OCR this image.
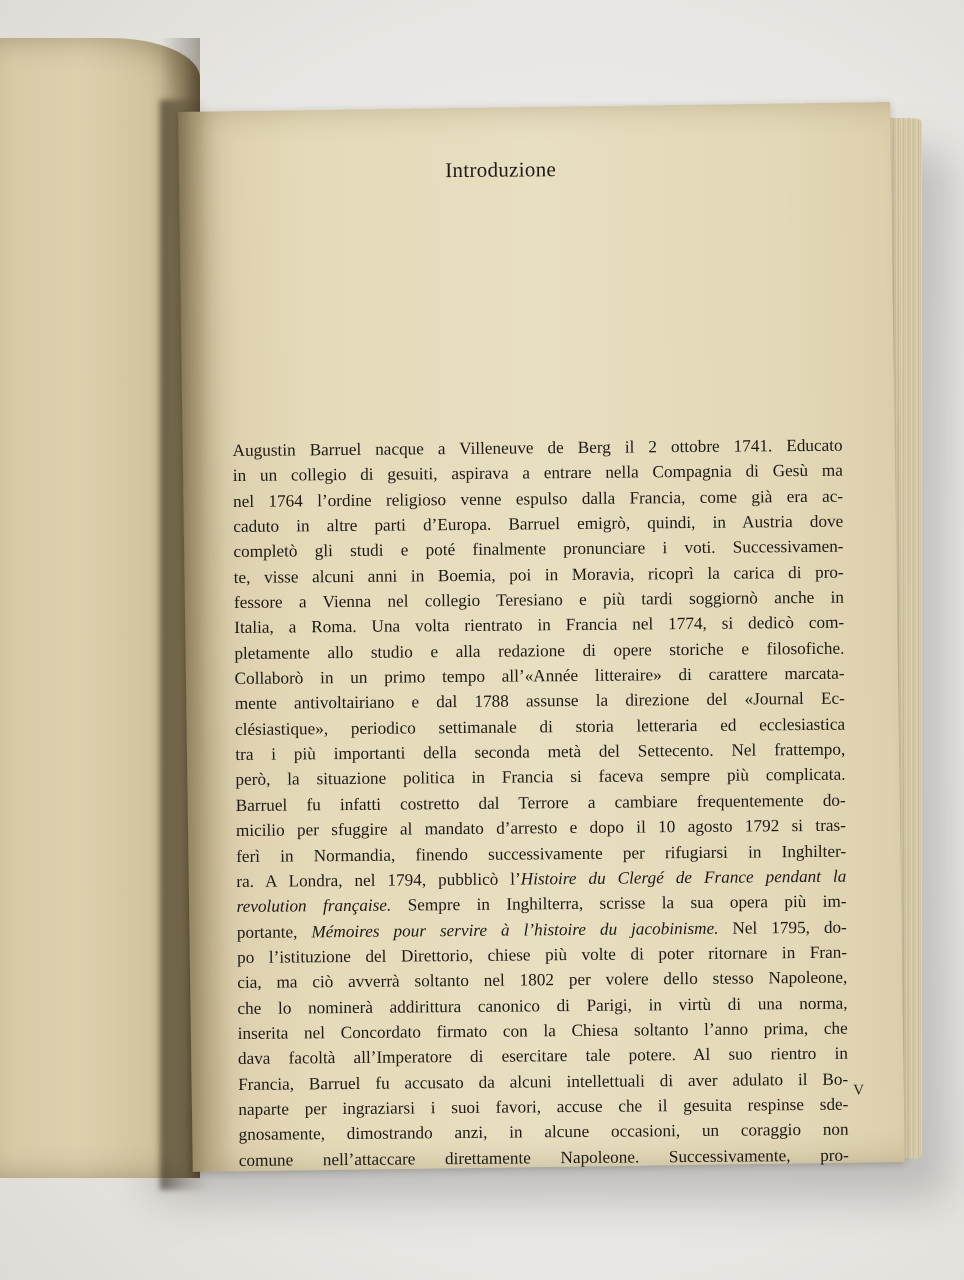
Introduzione
Augustin Barruel nacque a Villeneuve de Berg il 2 ottobre 1741. Educato
in un collegio di gesuiti, aspirava a entrare nella Compagnia di Gesù ma
nel 1764 l’ordine religioso venne espulso dalla Francia, come già era ac-
caduto in altre parti d’Europa. Barruel emigrò, quindi, in Austria dove
completò gli studi e poté finalmente pronunciare i voti. Successivamen-
te, visse alcuni anni in Boemia, poi in Moravia, ricoprì la carica di pro-
fessore a Vienna nel collegio Teresiano e più tardi soggiornò anche in
Italia, a Roma. Una volta rientrato in Francia nel 1774, si dedicò com-
pletamente allo studio e alla redazione di opere storiche e filosofiche.
Collaborò in un primo tempo all’«Année litteraire» di carattere marcata-
mente antivoltairiano e dal 1788 assunse la direzione del «Journal Ec-
clésiastique», periodico settimanale di storia letteraria ed ecclesiastica
tra i più importanti della seconda metà del Settecento. Nel frattempo,
però, la situazione politica in Francia si faceva sempre più complicata.
Barruel fu infatti costretto dal Terrore a cambiare frequentemente do-
micilio per sfuggire al mandato d’arresto e dopo il 10 agosto 1792 si tras-
ferì in Normandia, finendo successivamente per rifugiarsi in Inghilter-
ra. A Londra, nel 1794, pubblicò l’Histoire du Clergé de France pendant la
revolution française. Sempre in Inghilterra, scrisse la sua opera più im-
portante, Mémoires pour servire à l’histoire du jacobinisme. Nel 1795, do-
po l’istituzione del Direttorio, chiese più volte di poter ritornare in Fran-
cia, ma ciò avverrà soltanto nel 1802 per volere dello stesso Napoleone,
che lo nominerà addirittura canonico di Parigi, in virtù di una norma,
inserita nel Concordato firmato con la Chiesa soltanto l’anno prima, che
dava facoltà all’Imperatore di esercitare tale potere. Al suo rientro in
Francia, Barruel fu accusato da alcuni intellettuali di aver adulato il Bo-
naparte per ingraziarsi i suoi favori, accuse che il gesuita respinse sde-
gnosamente, dimostrando anzi, in alcune occasioni, un coraggio non
comune nell’attaccare direttamente Napoleone. Successivamente, pro-

V
